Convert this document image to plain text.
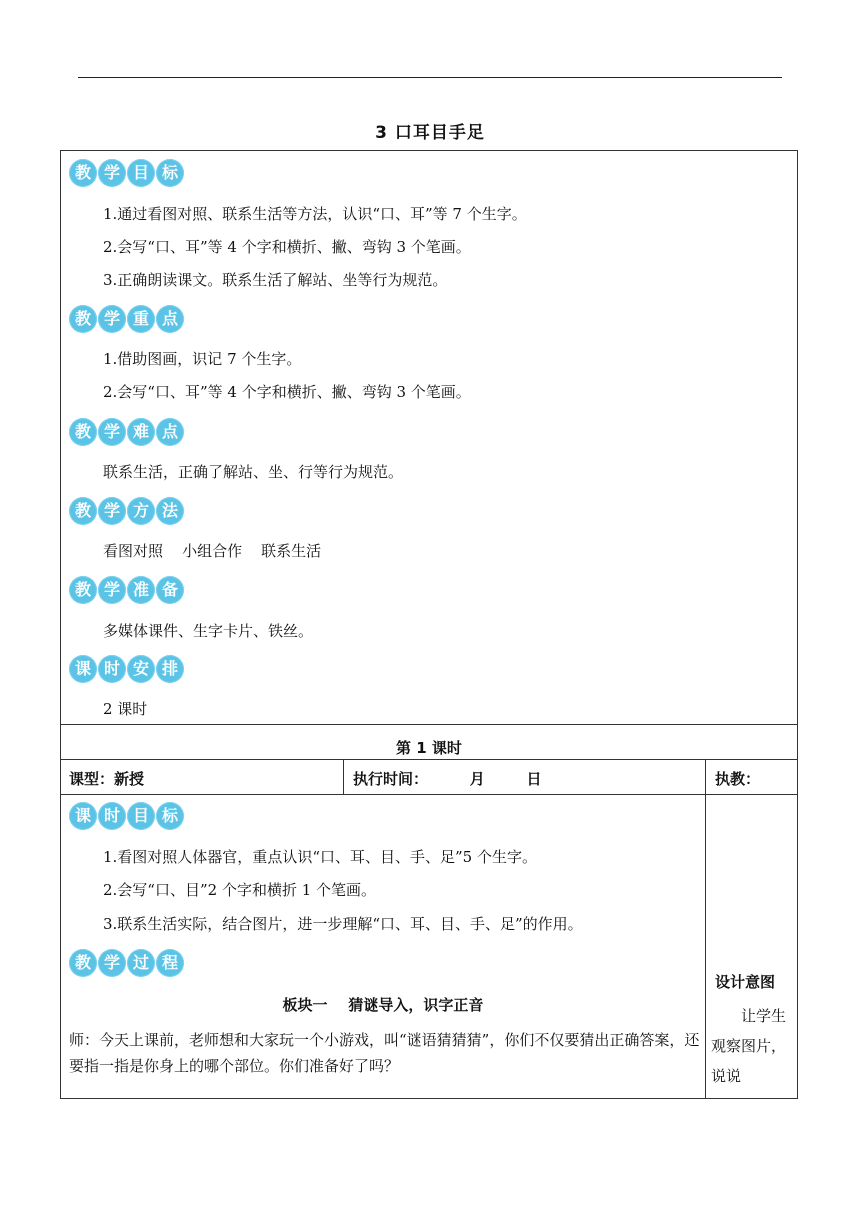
3 口耳目手足
教 学 目 标
1.通过看图对照、联系生活等方法，认识“口、耳”等 7 个生字。
2.会写“口、耳”等 4 个字和横折、撇、弯钩 3 个笔画。
3.正确朗读课文。联系生活了解站、坐等行为规范。
教 学 重 点
1.借助图画，识记 7 个生字。
2.会写“口、耳”等 4 个字和横折、撇、弯钩 3 个笔画。
教 学 难 点
联系生活，正确了解站、坐、行等行为规范。
教 学 方 法
看图对照    小组合作    联系生活
教 学 准 备
多媒体课件、生字卡片、铁丝。
课 时 安 排
2 课时
第 1 课时
课型：新授	执行时间：        月        日	执教：
课 时 目 标
1.看图对照人体器官，重点认识“口、耳、目、手、足”5 个生字。
2.会写“口、目”2 个字和横折 1 个笔画。
3.联系生活实际，结合图片，进一步理解“口、耳、目、手、足”的作用。
教 学 过 程
板块一    猜谜导入，识字正音
师：今天上课前，老师想和大家玩一个小游戏，叫“谜语猜猜猜”，你们不仅要猜出正确答案，还要指一指是你身上的哪个部位。你们准备好了吗？
设计意图
让学生观察图片，说说
